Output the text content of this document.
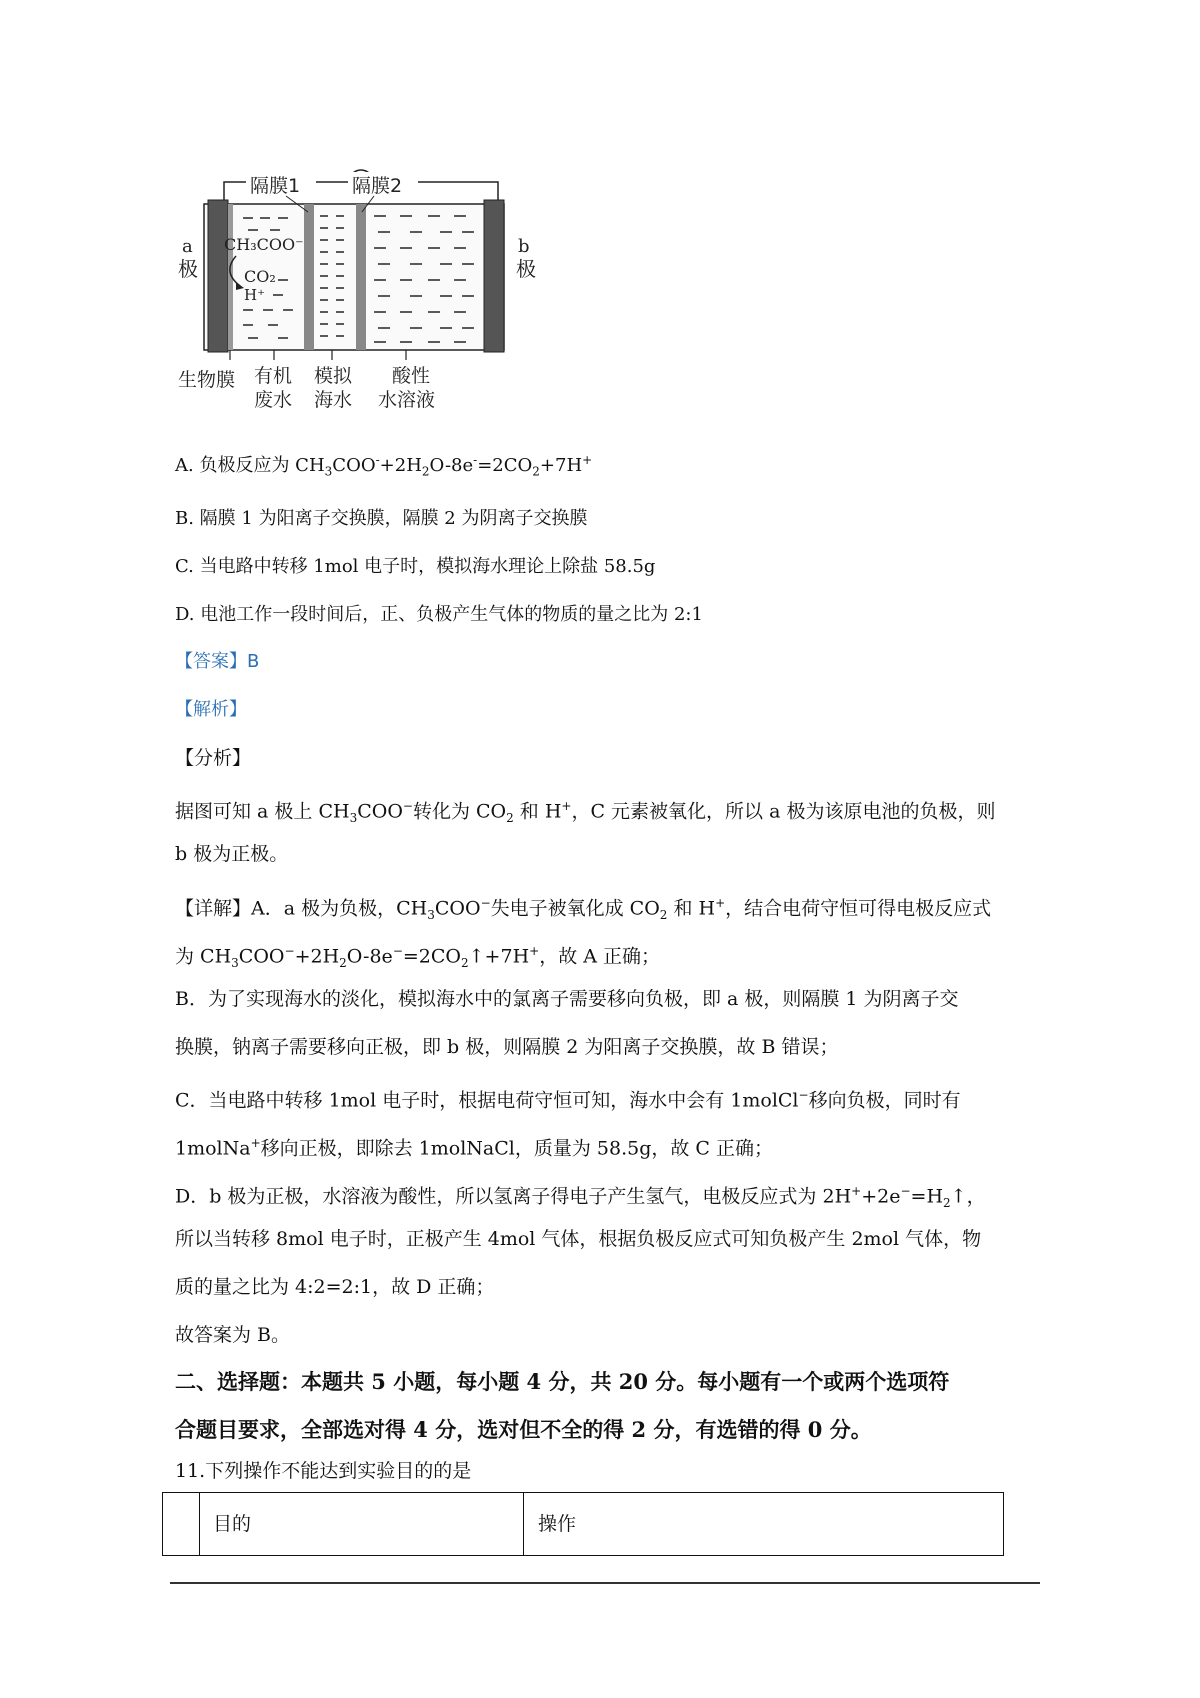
隔膜1	隔膜2
CH₃COO⁻
CO₂
H⁺
a
极
b
极
生物膜 有机
废水
模拟
海水
酸性
水溶液
A. 负极反应为 $CH_3COO^-+2H_2O-8e^-=2CO_2+7H^+$
B. 隔膜 1 为阳离子交换膜，隔膜 2 为阴离子交换膜
C. 当电路中转移 1mol 电子时，模拟海水理论上除盐 58.5g
D. 电池工作一段时间后，正、负极产生气体的物质的量之比为 2:1
【答案】B
【解析】
【分析】
据图可知 a 极上 $CH_3COO^-$转化为 $CO_2$ 和 H+，C 元素被氧化，所以 a 极为该原电池的负极，则
b 极为正极。
【详解】A．a 极为负极，$CH_3COO^-$失电子被氧化成 $CO_2$ 和 H+，结合电荷守恒可得电极反应式
为 $CH_3COO^-+2H_2O-8e^-=2CO_2↑+7H^+$，故 A 正确；
B．为了实现海水的淡化，模拟海水中的氯离子需要移向负极，即 a 极，则隔膜 1 为阴离子交
换膜，钠离子需要移向正极，即 b 极，则隔膜 2 为阳离子交换膜，故 B 错误；
C．当电路中转移 1mol 电子时，根据电荷守恒可知，海水中会有 1molCl−移向负极，同时有
1molNa+移向正极，即除去 1molNaCl，质量为 58.5g，故 C 正确；
D．b 极为正极，水溶液为酸性，所以氢离子得电子产生氢气，电极反应式为 $2H^++2e^-=H_2↑$，
所以当转移 8mol 电子时，正极产生 4mol 气体，根据负极反应式可知负极产生 2mol 气体，物
质的量之比为 4:2=2:1，故 D 正确；
故答案为 B。
二、选择题：本题共 5 小题，每小题 4 分，共 20 分。每小题有一个或两个选项符
合题目要求，全部选对得 4 分，选对但不全的得 2 分，有选错的得 0 分。
11.下列操作不能达到实验目的的是
目的	操作
